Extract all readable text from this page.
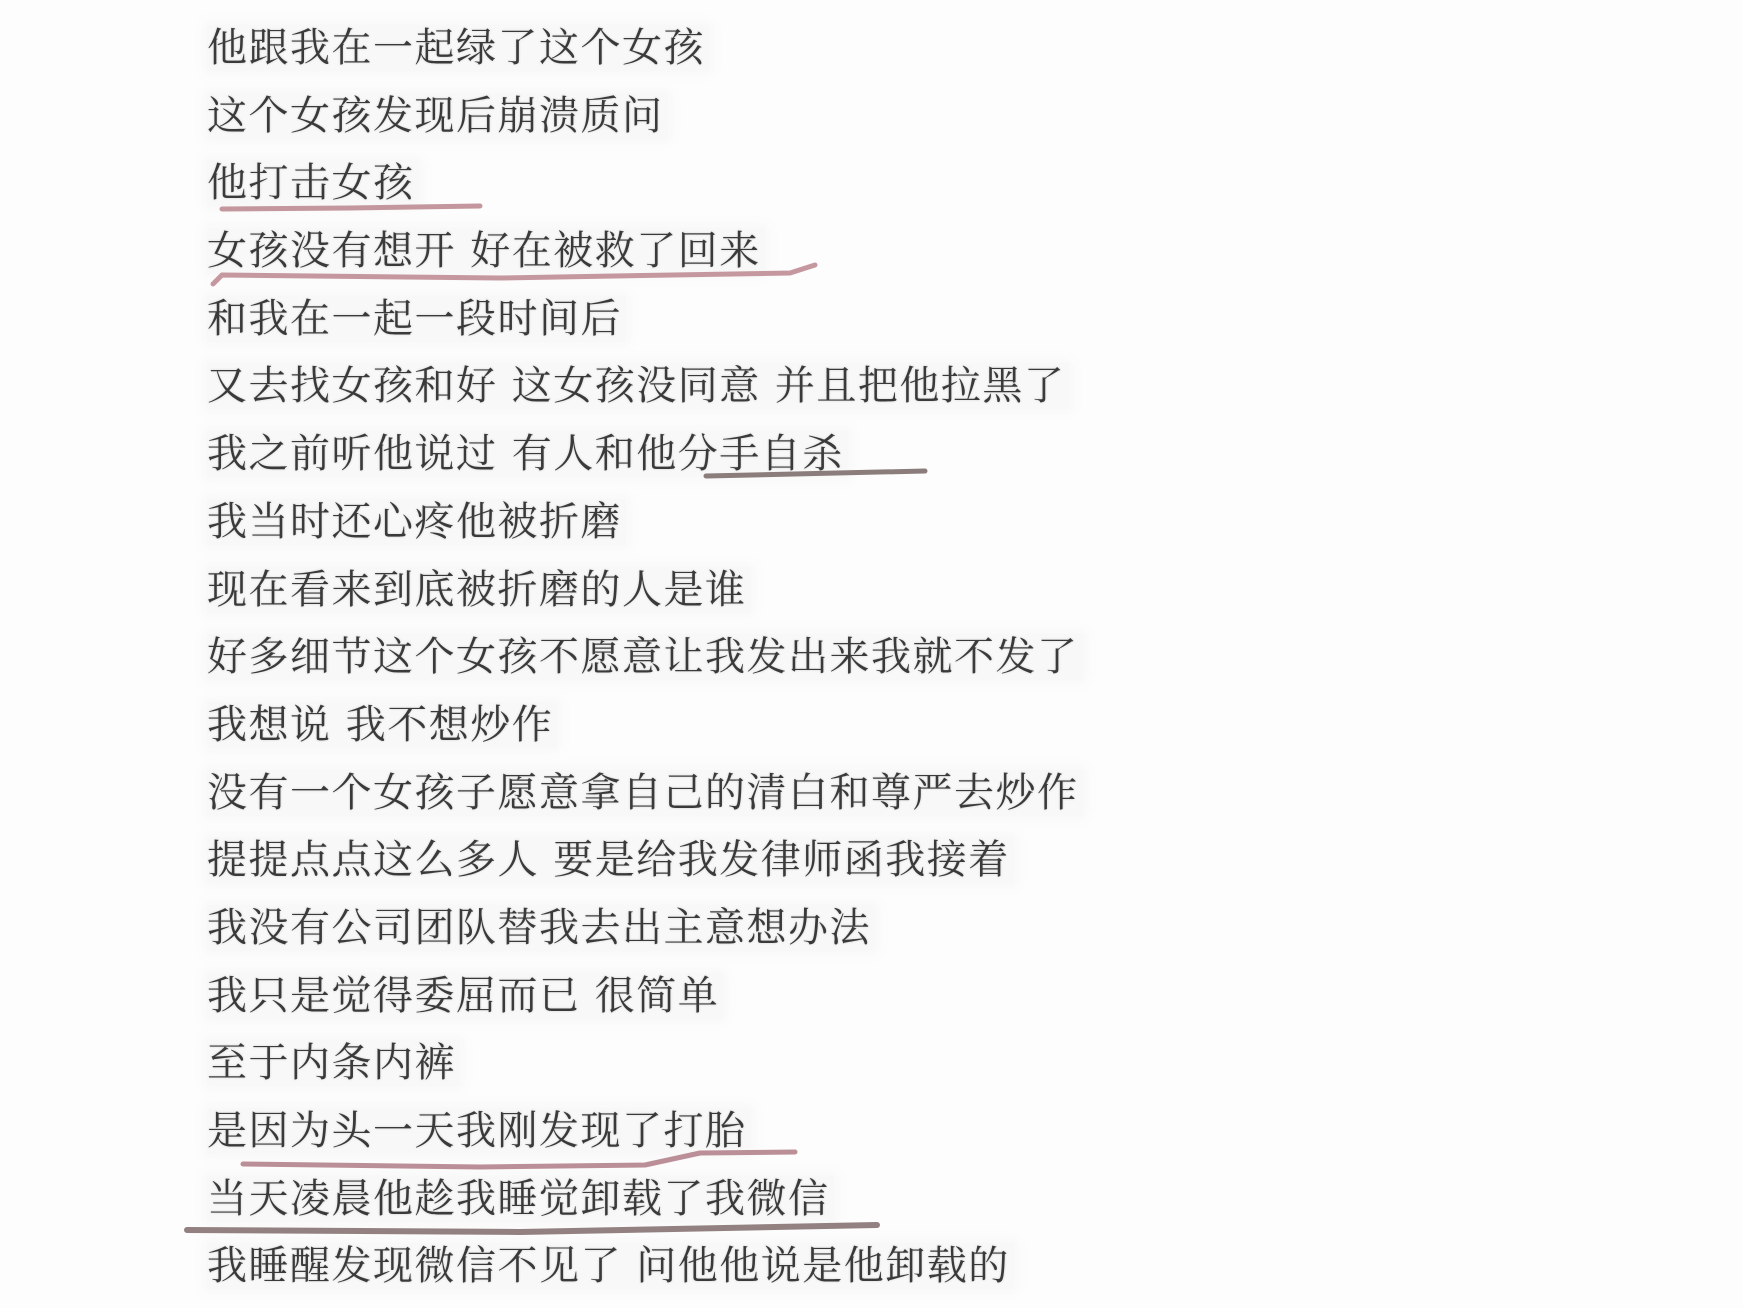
他跟我在一起绿了这个女孩
这个女孩发现后崩溃质问
他打击女孩
女孩没有想开 好在被救了回来
和我在一起一段时间后
又去找女孩和好 这女孩没同意 并且把他拉黑了
我之前听他说过 有人和他分手自杀
我当时还心疼他被折磨
现在看来到底被折磨的人是谁
好多细节这个女孩不愿意让我发出来我就不发了
我想说 我不想炒作
没有一个女孩子愿意拿自己的清白和尊严去炒作
提提点点这么多人 要是给我发律师函我接着
我没有公司团队替我去出主意想办法
我只是觉得委屈而已 很简单
至于内条内裤
是因为头一天我刚发现了打胎
当天凌晨他趁我睡觉卸载了我微信
我睡醒发现微信不见了 问他他说是他卸载的
